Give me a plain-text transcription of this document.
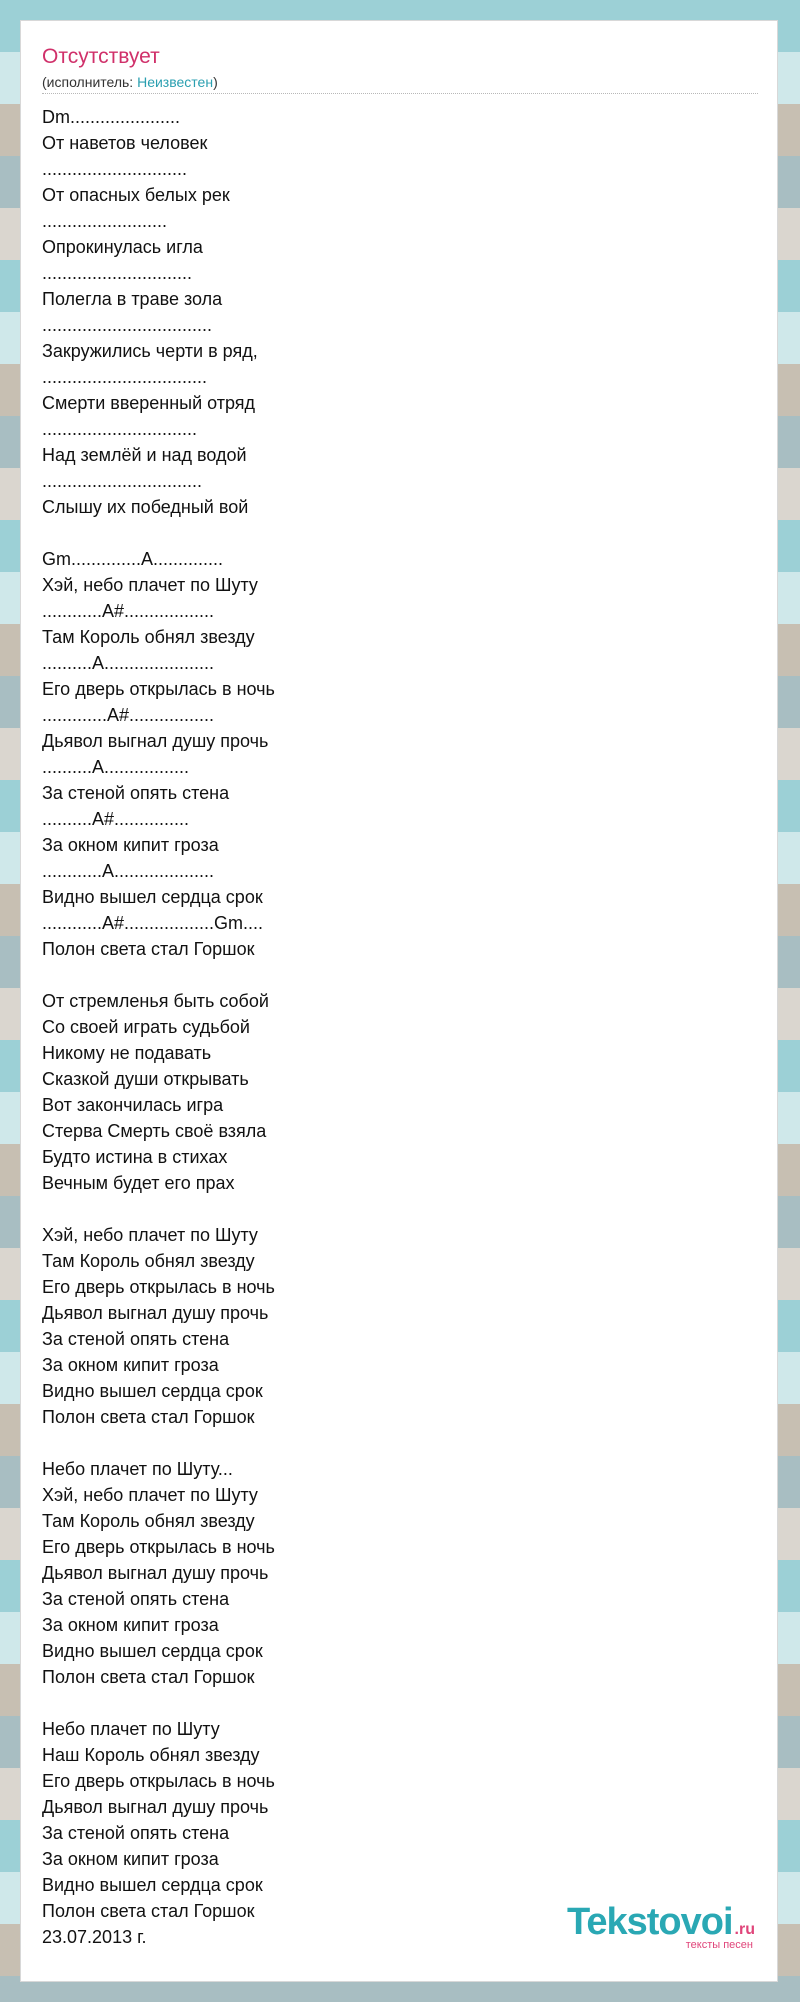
Отсутствует
(исполнитель: Неизвестен)
Dm......................
От наветов человек
.............................
От опасных белых рек
.........................
Опрокинулась игла
..............................
Полегла в траве зола
..................................
Закружились черти в ряд,
.................................
Смерти вверенный отряд
...............................
Над землёй и над водой
................................
Слышу их победный вой

Gm..............A..............
Хэй, небо плачет по Шуту
............A#..................
Там Король обнял звезду
..........A......................
Его дверь открылась в ночь
.............A#.................
Дьявол выгнал душу прочь
..........A.................
За стеной опять стена
..........A#...............
За окном кипит гроза
............A....................
Видно вышел сердца срок
............A#..................Gm....
Полон света стал Горшок

От стремленья быть собой
Со своей играть судьбой
Никому не подавать
Сказкой души открывать
Вот закончилась игра
Стерва Смерть своё взяла
Будто истина в стихах
Вечным будет его прах

Хэй, небо плачет по Шуту
Там Король обнял звезду
Его дверь открылась в ночь
Дьявол выгнал душу прочь
За стеной опять стена
За окном кипит гроза
Видно вышел сердца срок
Полон света стал Горшок

Небо плачет по Шуту...
Хэй, небо плачет по Шуту
Там Король обнял звезду
Его дверь открылась в ночь
Дьявол выгнал душу прочь
За стеной опять стена
За окном кипит гроза
Видно вышел сердца срок
Полон света стал Горшок

Небо плачет по Шуту
Наш Король обнял звезду
Его дверь открылась в ночь
Дьявол выгнал душу прочь
За стеной опять стена
За окном кипит гроза
Видно вышел сердца срок
Полон света стал Горшок
23.07.2013 г.	Tekstovoi .ru
тексты песен
